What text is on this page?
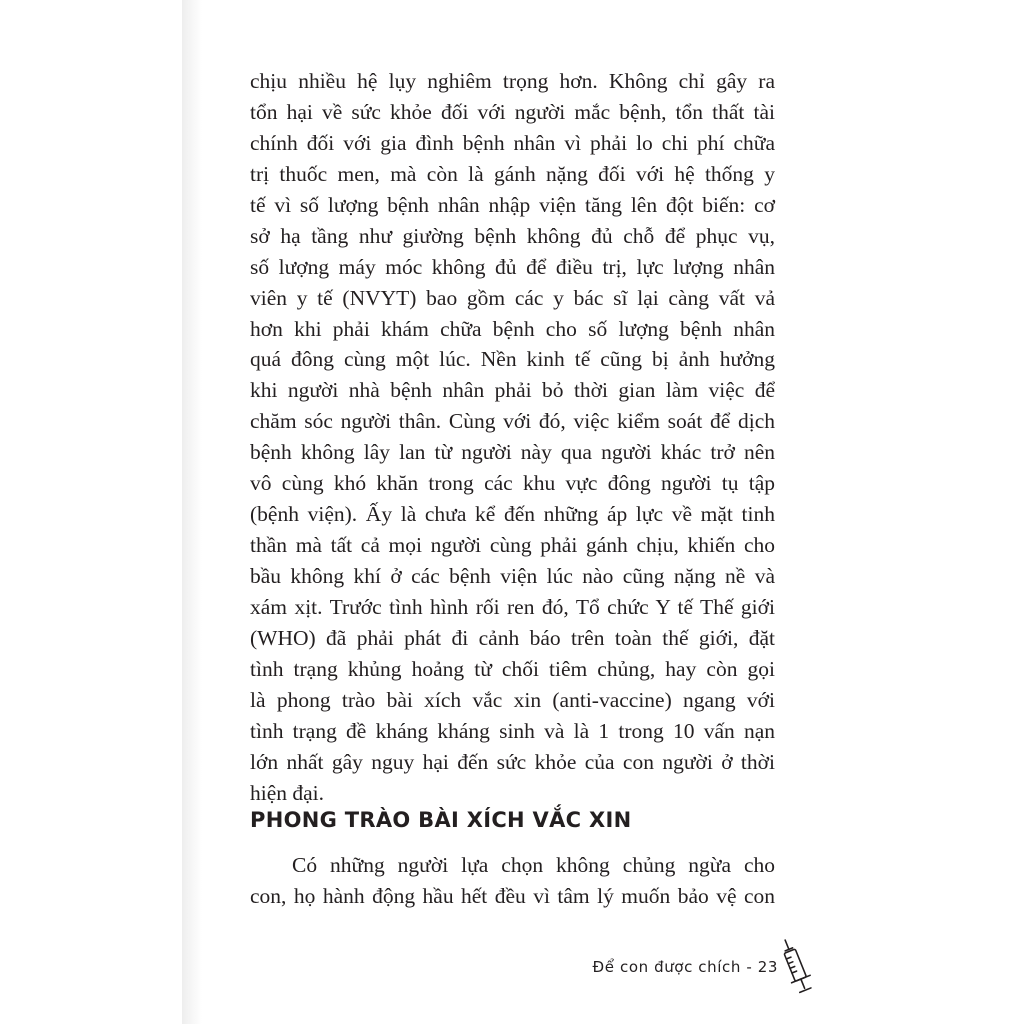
chịu nhiều hệ lụy nghiêm trọng hơn. Không chỉ gây ra
tổn hại về sức khỏe đối với người mắc bệnh, tổn thất tài
chính đối với gia đình bệnh nhân vì phải lo chi phí chữa
trị thuốc men, mà còn là gánh nặng đối với hệ thống y
tế vì số lượng bệnh nhân nhập viện tăng lên đột biến: cơ
sở hạ tầng như giường bệnh không đủ chỗ để phục vụ,
số lượng máy móc không đủ để điều trị, lực lượng nhân
viên y tế (NVYT) bao gồm các y bác sĩ lại càng vất vả
hơn khi phải khám chữa bệnh cho số lượng bệnh nhân
quá đông cùng một lúc. Nền kinh tế cũng bị ảnh hưởng
khi người nhà bệnh nhân phải bỏ thời gian làm việc để
chăm sóc người thân. Cùng với đó, việc kiểm soát để dịch
bệnh không lây lan từ người này qua người khác trở nên
vô cùng khó khăn trong các khu vực đông người tụ tập
(bệnh viện). Ấy là chưa kể đến những áp lực về mặt tinh
thần mà tất cả mọi người cùng phải gánh chịu, khiến cho
bầu không khí ở các bệnh viện lúc nào cũng nặng nề và
xám xịt. Trước tình hình rối ren đó, Tổ chức Y tế Thế giới
(WHO) đã phải phát đi cảnh báo trên toàn thế giới, đặt
tình trạng khủng hoảng từ chối tiêm chủng, hay còn gọi
là phong trào bài xích vắc xin (anti-vaccine) ngang với
tình trạng đề kháng kháng sinh và là 1 trong 10 vấn nạn
lớn nhất gây nguy hại đến sức khỏe của con người ở thời
hiện đại.
PHONG TRÀO BÀI XÍCH VẮC XIN
Có những người lựa chọn không chủng ngừa cho
con, họ hành động hầu hết đều vì tâm lý muốn bảo vệ con
Để con được chích - 23
